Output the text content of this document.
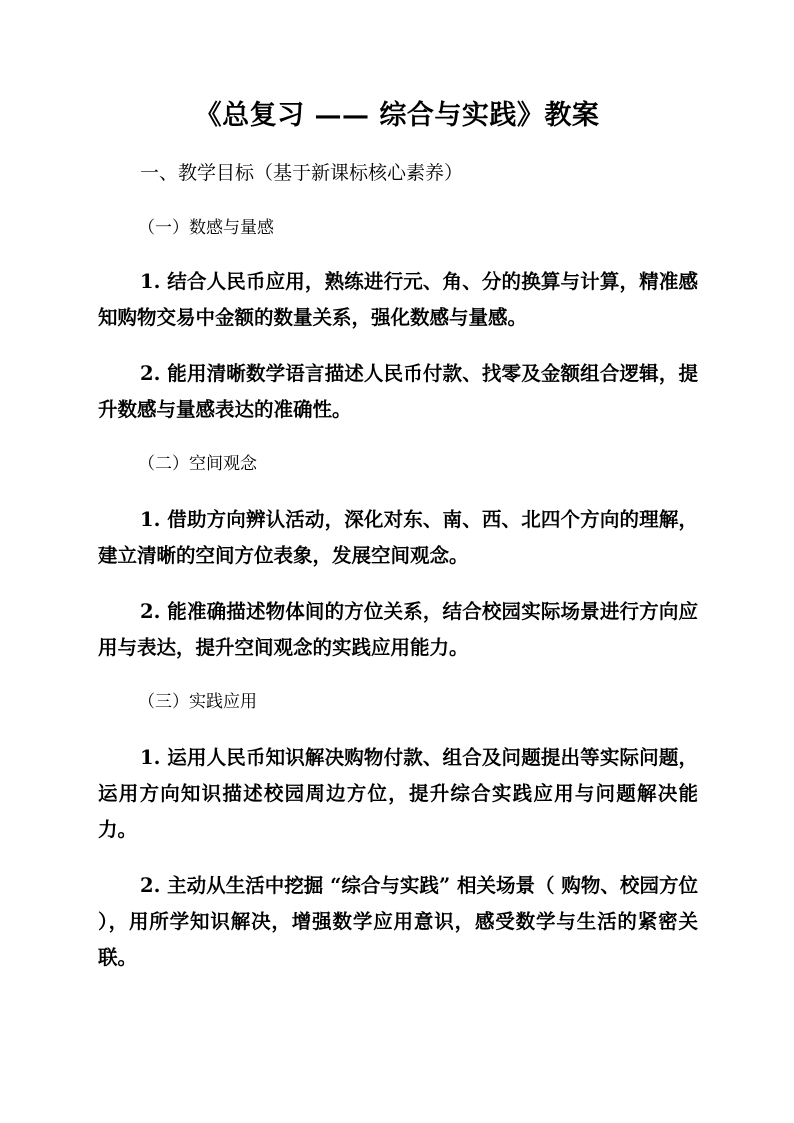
《总复习 —— 综合与实践》教案
一、教学目标（基于新课标核心素养）
（一）数感与量感
1. 结合人民币应用，熟练进行元、角、分的换算与计算，精准感知购物交易中金额的数量关系，强化数感与量感。
2. 能用清晰数学语言描述人民币付款、找零及金额组合逻辑，提升数感与量感表达的准确性。
（二）空间观念
1. 借助方向辨认活动，深化对东、南、西、北四个方向的理解，建立清晰的空间方位表象，发展空间观念。
2. 能准确描述物体间的方位关系，结合校园实际场景进行方向应用与表达，提升空间观念的实践应用能力。
（三）实践应用
1. 运用人民币知识解决购物付款、组合及问题提出等实际问题，运用方向知识描述校园周边方位，提升综合实践应用与问题解决能力。
2. 主动从生活中挖掘 “综合与实践” 相关场景（ 购物、校园方位 ），用所学知识解决，增强数学应用意识，感受数学与生活的紧密关联。
